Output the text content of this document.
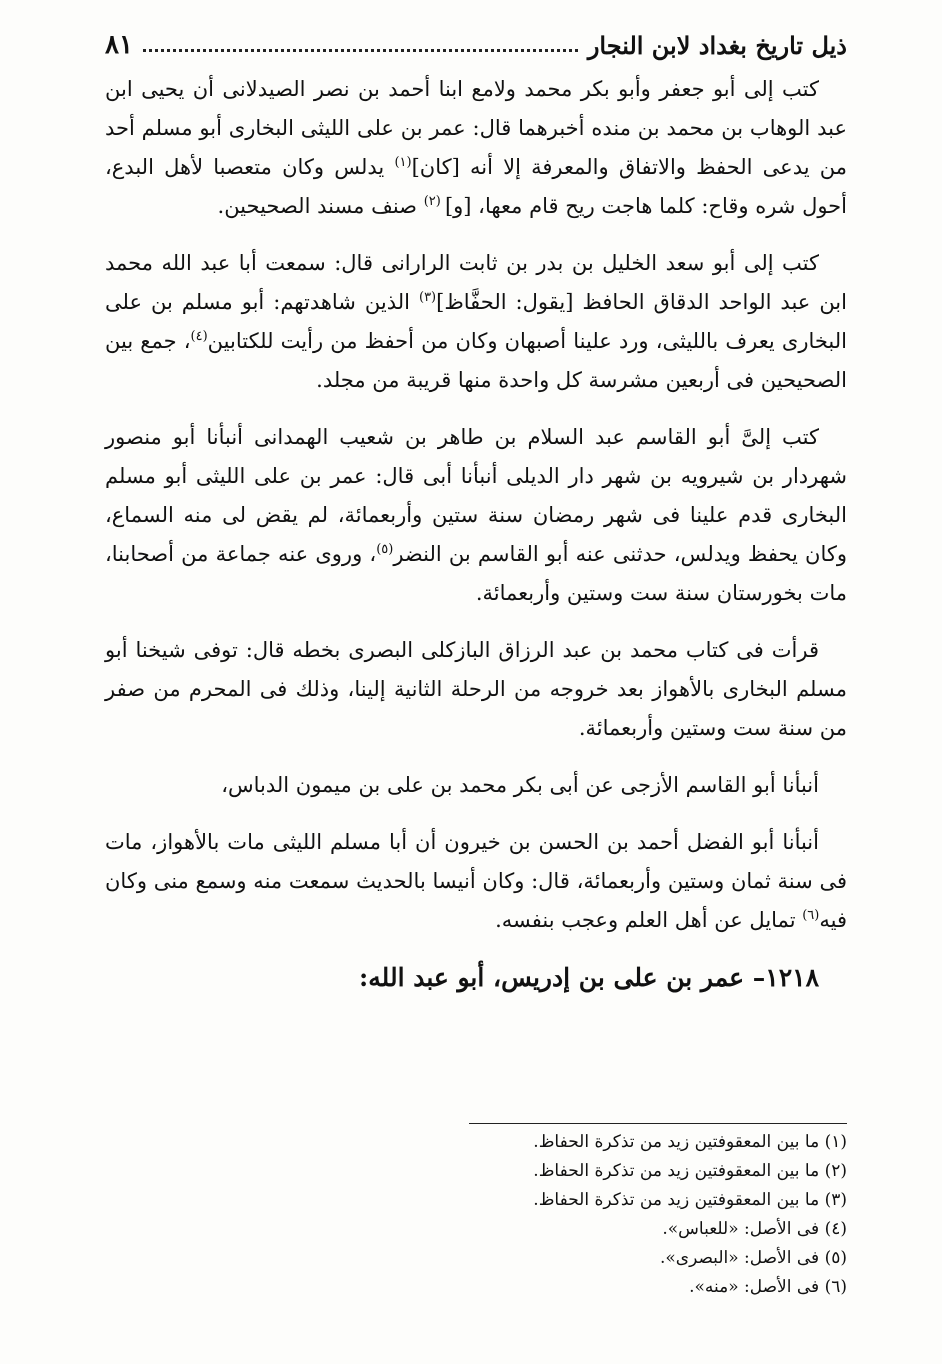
ذيل تاريخ بغداد لابن النجار
٨١

كتب إلى أبو جعفر وأبو بكر محمد ولامع ابنا أحمد بن نصر الصيدلانى أن يحيى ابن عبد الوهاب بن محمد بن منده أخبرهما قال: عمر بن على الليثى البخارى أبو مسلم أحد من يدعى الحفظ والاتفاق والمعرفة إلا أنه [كان]$^{(١)}$ يدلس وكان متعصبا لأهل البدع، أحول شره وقاح: كلما هاجت ريح قام معها، [و] $^{(٢)}$ صنف مسند الصحيحين.

كتب إلى أبو سعد الخليل بن بدر بن ثابت الرارانى قال: سمعت أبا عبد الله محمد ابن عبد الواحد الدقاق الحافظ [يقول: الحفَّاظ]$^{(٣)}$ الذين شاهدتهم: أبو مسلم بن على البخارى يعرف بالليثى، ورد علينا أصبهان وكان من أحفظ من رأيت للكتابين$^{(٤)}$، جمع بين الصحيحين فى أربعين مشرسة كل واحدة منها قريبة من مجلد.

كتب إلىَّ أبو القاسم عبد السلام بن طاهر بن شعيب الهمدانى أنبأنا أبو منصور شهردار بن شيرويه بن شهر دار الديلى أنبأنا أبى قال: عمر بن على الليثى أبو مسلم البخارى قدم علينا فى شهر رمضان سنة ستين وأربعمائة، لم يقض لى منه السماع، وكان يحفظ ويدلس، حدثنى عنه أبو القاسم بن النضر$^{(٥)}$، وروى عنه جماعة من أصحابنا، مات بخورستان سنة ست وستين وأربعمائة.

قرأت فى كتاب محمد بن عبد الرزاق البازكلى البصرى بخطه قال: توفى شيخنا أبو مسلم البخارى بالأهواز بعد خروجه من الرحلة الثانية إلينا، وذلك فى المحرم من صفر من سنة ست وستين وأربعمائة.

أنبأنا أبو القاسم الأزجى عن أبى بكر محمد بن على بن ميمون الدباس،

أنبأنا أبو الفضل أحمد بن الحسن بن خيرون أن أبا مسلم الليثى مات بالأهواز، مات فى سنة ثمان وستين وأربعمائة، قال: وكان أنيسا بالحديث سمعت منه وسمع منى وكان فيه$^{(٦)}$ تمايل عن أهل العلم وعجب بنفسه.

١٢١٨– عمر بن على بن إدريس، أبو عبد الله:
(١) ما بين المعقوفتين زيد من تذكرة الحفاظ.
(٢) ما بين المعقوفتين زيد من تذكرة الحفاظ.
(٣) ما بين المعقوفتين زيد من تذكرة الحفاظ.
(٤) فى الأصل: «للعباس».
(٥) فى الأصل: «البصرى».
(٦) فى الأصل: «منه».
